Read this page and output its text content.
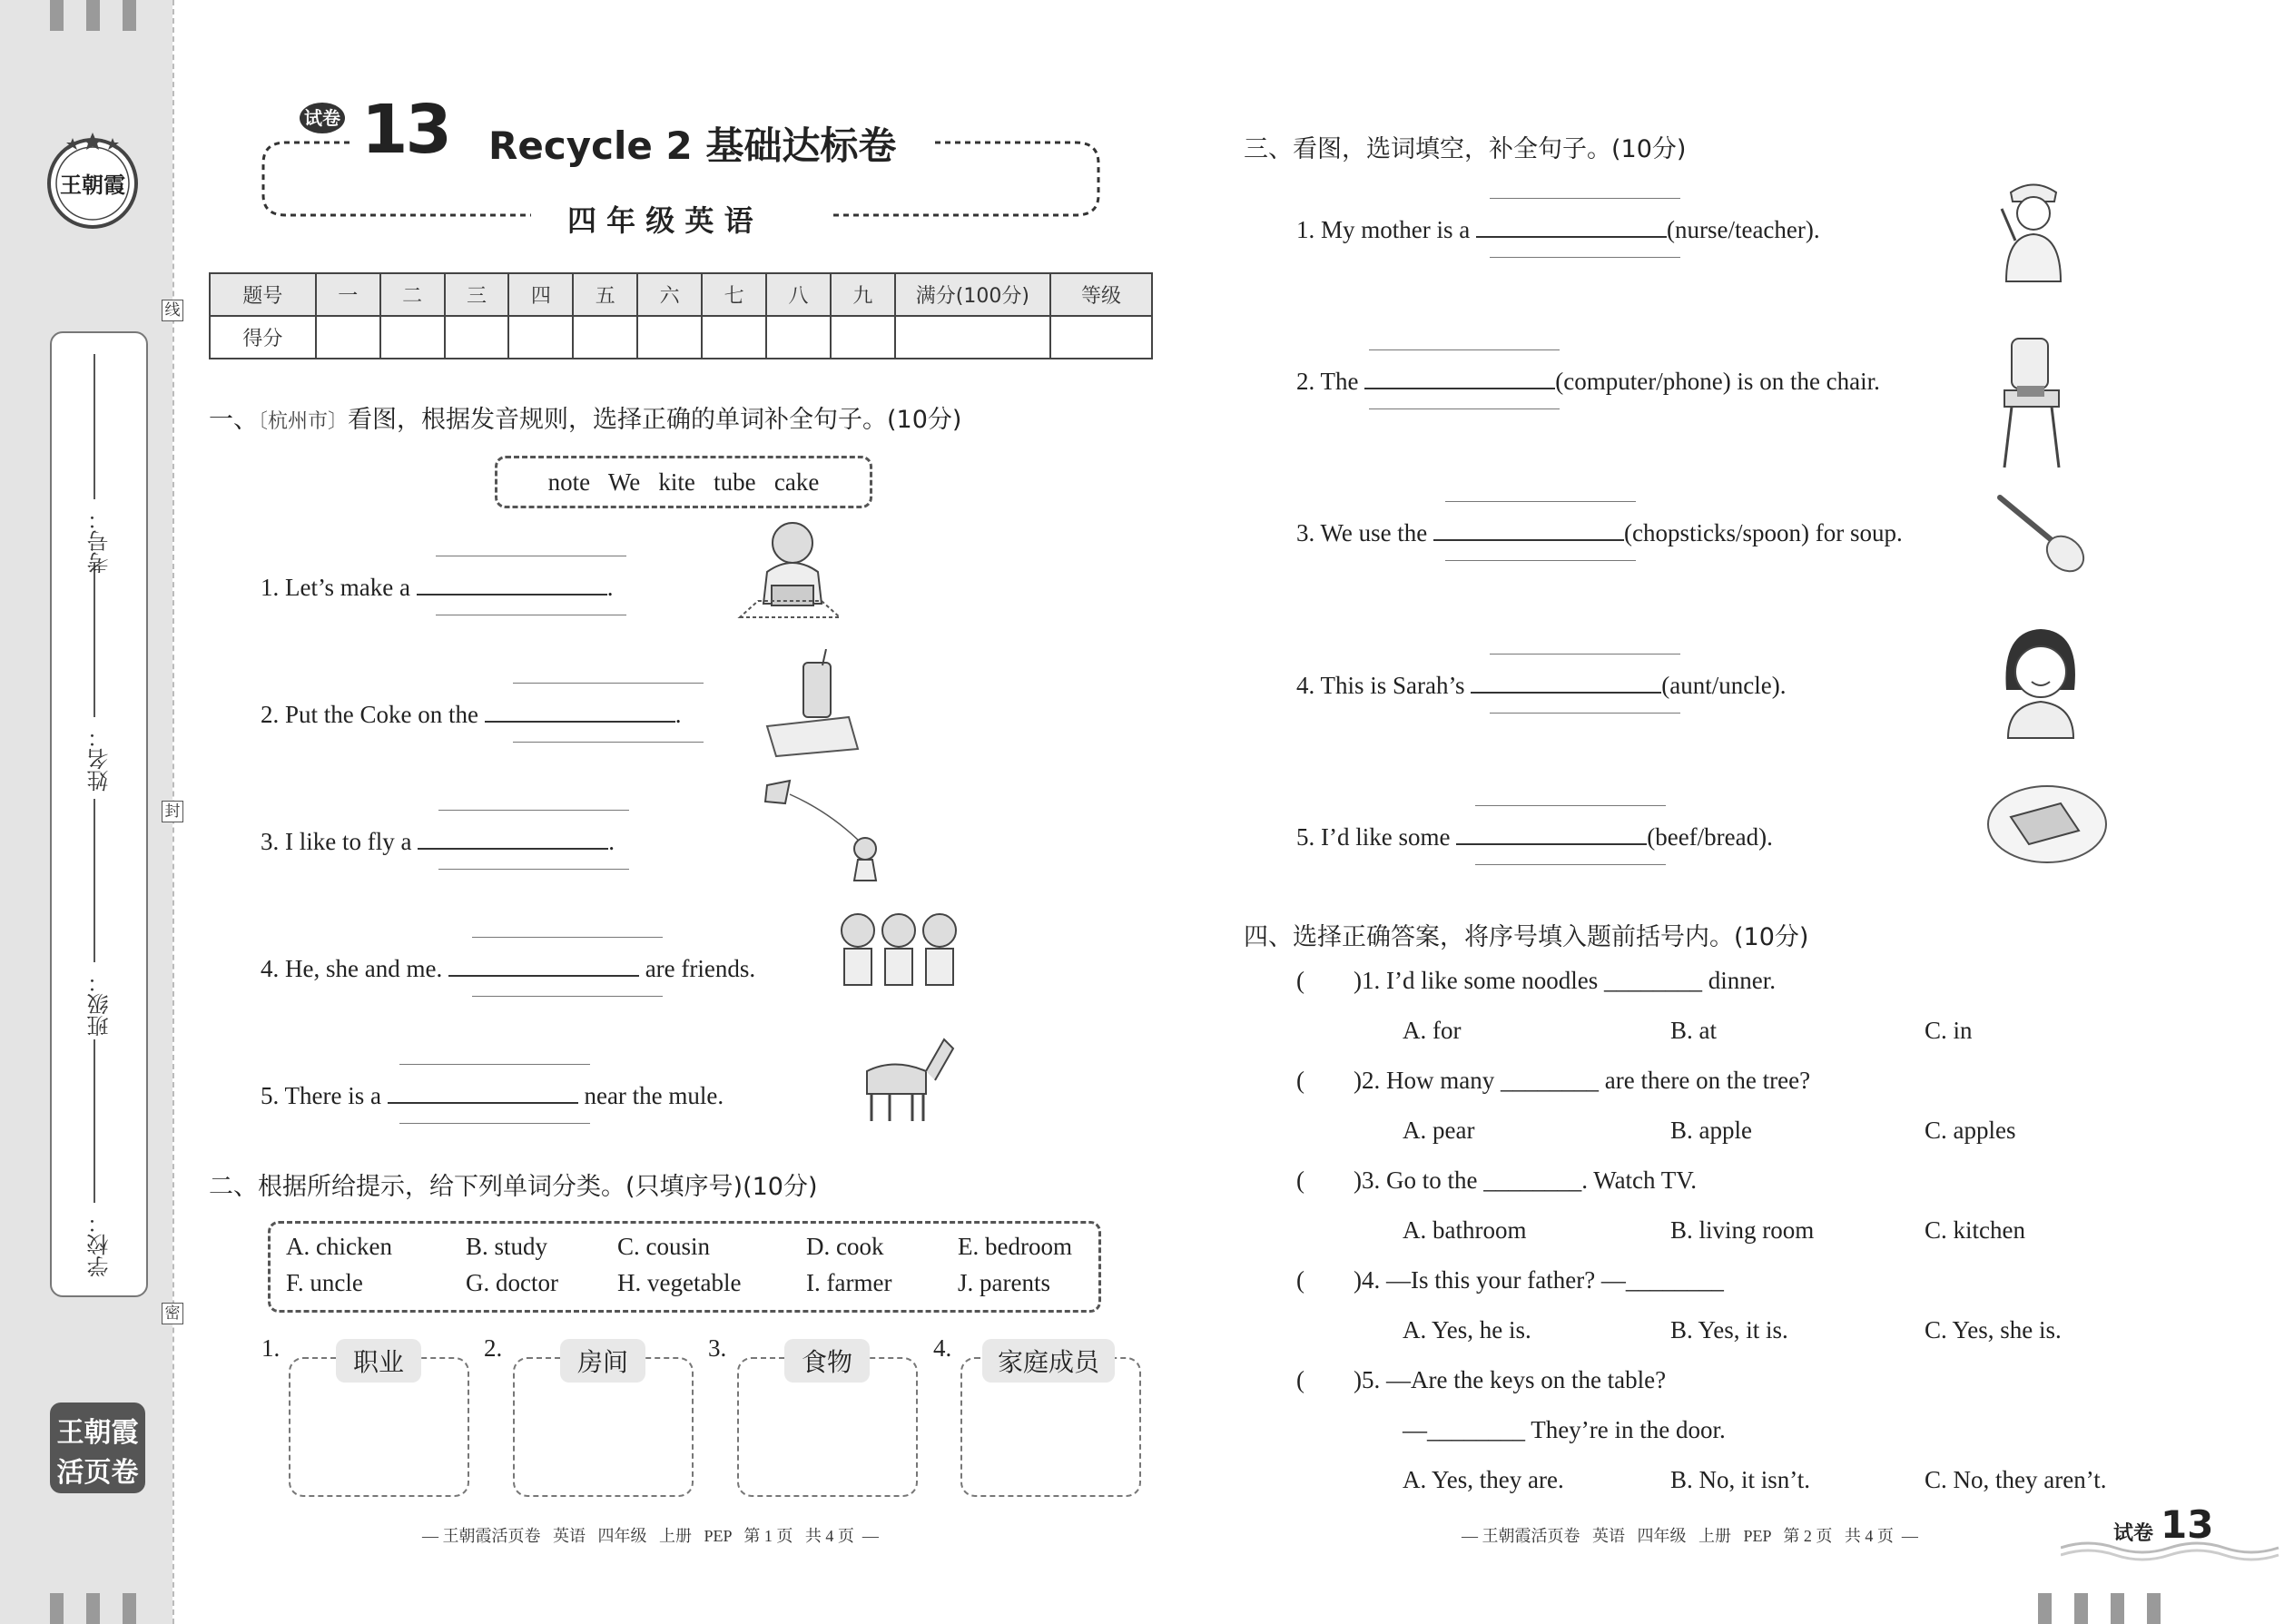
王朝霞
学校：
班级：
姓名：
考号：
线
封
密
王朝霞
活页卷
试卷 13 Recycle 2 基础达标卷
四 年 级 英 语
题号	一	二	三	四	五	六	七	八	九	满分(100分)	等级
得分											
一、〔杭州市〕看图，根据发音规则，选择正确的单词补全句子。(10分)
note   We   kite   tube   cake
1. Let’s make a	.
2. Put the Coke on the	.
3. I like to fly a	.
4. He, she and me.	are friends.
5. There is a	near the mule.
二、根据所给提示，给下列单词分类。(只填序号)(10分)
A. chicken	B. study	C. cousin	D. cook	E. bedroom
F. uncle	G. doctor H. vegetable	I. farmer	J. parents
1.	职业	2.	房间	3.	食物	4.	家庭成员
— 王朝霞活页卷   英语   四年级   上册   PEP   第 1 页   共 4 页  —
三、看图，选词填空，补全句子。(10分)
1. My mother is a	(nurse/teacher).
2. The	(computer/phone) is on the chair.
3. We use the	(chopsticks/spoon) for soup.
4. This is Sarah’s	(aunt/uncle).
5. I’d like some	(beef/bread).
四、选择正确答案，将序号填入题前括号内。(10分)
(        ) 1. I’d like some noodles ________ dinner.
A. for	B. at	C. in
(        ) 2. How many ________ are there on the tree?
A. pear	B. apple	C. apples
(        ) 3. Go to the ________. Watch TV.
A. bathroom	B. living room	C. kitchen
(        ) 4. —Is this your father? —________
A. Yes, he is.	B. Yes, it is.	C. Yes, she is.
(        ) 5. —Are the keys on the table?
—________ They’re in the door.
A. Yes, they are.	B. No, it isn’t.	C. No, they aren’t.
— 王朝霞活页卷   英语   四年级   上册   PEP   第 2 页   共 4 页  —	试卷 13
